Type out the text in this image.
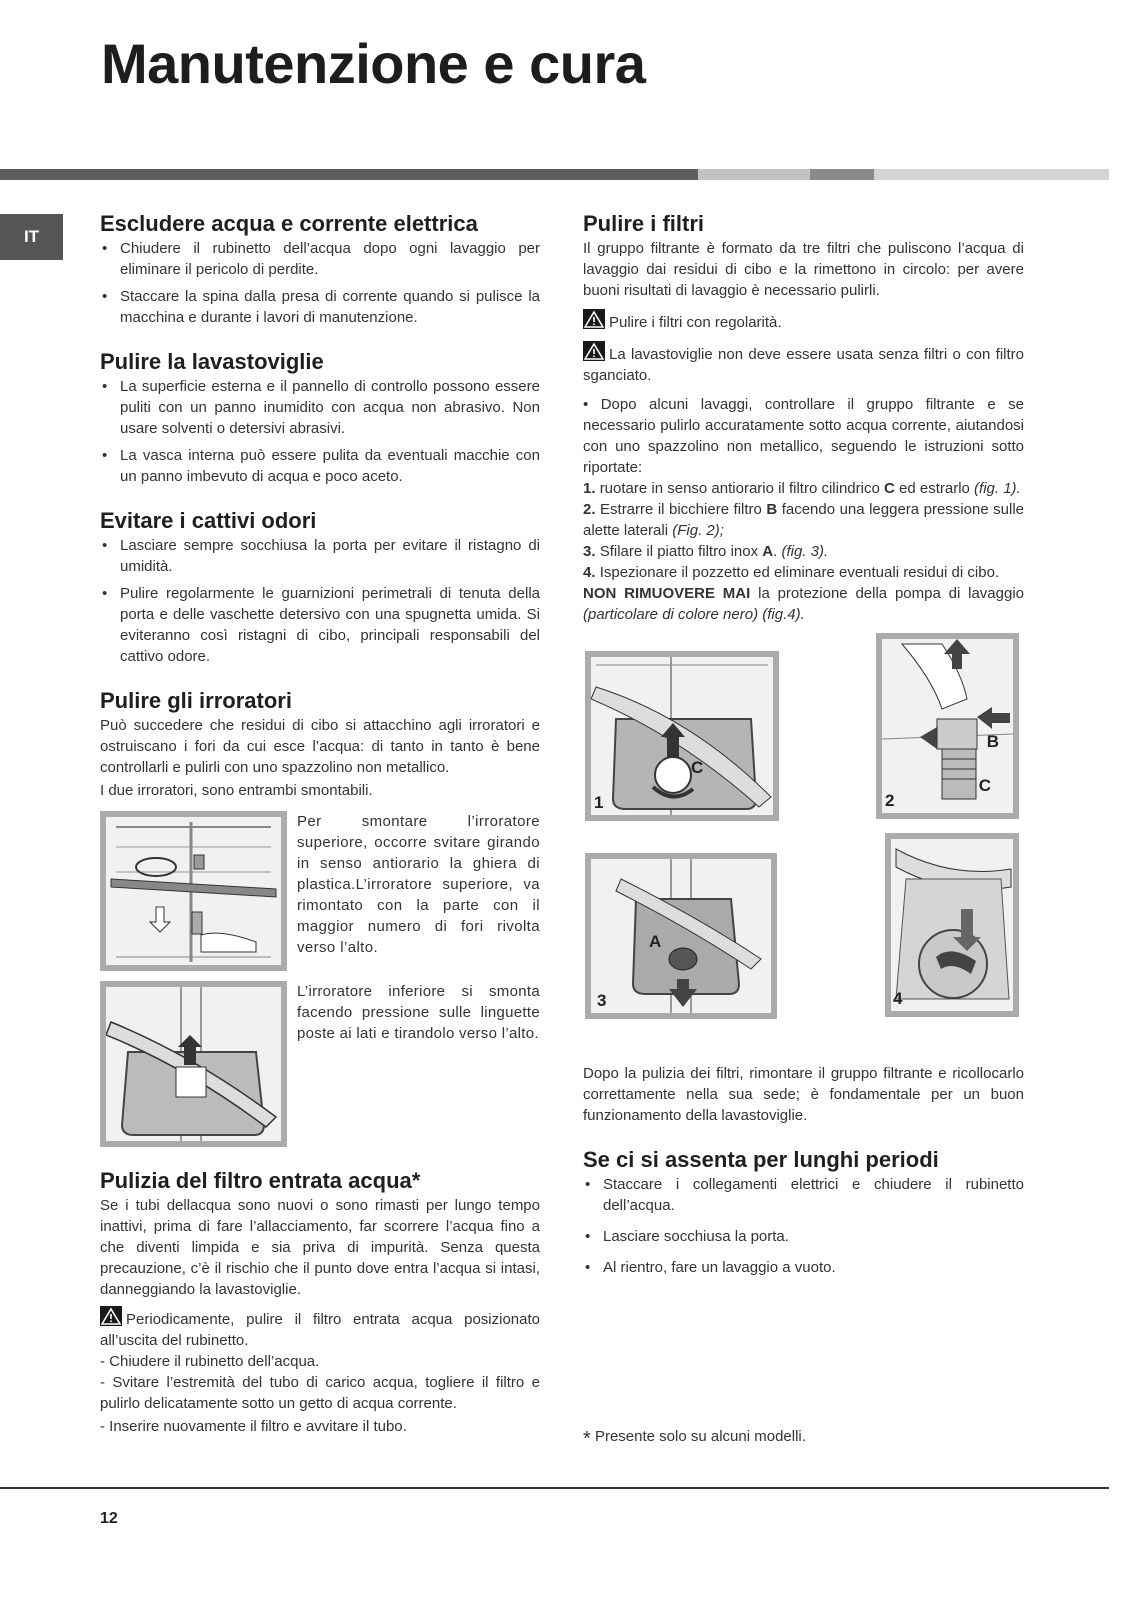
Manutenzione e cura
IT
Escludere acqua e corrente elettrica
• Chiudere il rubinetto dell’acqua dopo ogni lavaggio per eliminare il pericolo di perdite.
• Staccare la spina dalla presa di corrente quando si pulisce la macchina e durante i lavori di manutenzione.
Pulire la lavastoviglie
• La superficie esterna e il pannello di controllo possono essere puliti con un panno inumidito con acqua non abrasivo. Non usare solventi o detersivi abrasivi.
• La vasca interna può essere pulita da eventuali macchie con un panno imbevuto di acqua e poco aceto.
Evitare i cattivi odori
• Lasciare sempre socchiusa la porta per evitare il ristagno di umidità.
• Pulire regolarmente le guarnizioni perimetrali di tenuta della porta e delle vaschette detersivo con una spugnetta umida. Si eviteranno così ristagni di cibo, principali responsabili del cattivo odore.
Pulire gli irroratori

Può succedere che residui di cibo si attacchino agli irroratori e ostruiscano i fori da cui esce l’acqua: di tanto in tanto è bene controllarli e pulirli con uno spazzolino non metallico.

I due irroratori, sono entrambi smontabili.

Per smontare l’irroratore superiore, occorre svitare girando in senso antiorario la ghiera di plastica.L’irroratore superiore, va rimontato con la parte con il maggior numero di fori rivolta verso l’alto.

L’irroratore inferiore si smonta facendo pressione sulle linguette poste ai lati e tirandolo verso l’alto.

Pulizia del filtro entrata acqua*

Se i tubi dellacqua sono nuovi o sono rimasti per lungo tempo inattivi, prima di fare l’allacciamento, far scorrere l’acqua fino a che diventi limpida e sia priva di impurità. Senza questa precauzione, c’è il rischio che il punto dove entra l’acqua si intasi, danneggiando la lavastoviglie.

Periodicamente, pulire il filtro entrata acqua posizionato all’uscita del rubinetto.

- Chiudere il rubinetto dell’acqua.

- Svitare l’estremità del tubo di carico acqua, togliere il filtro e pulirlo delicatamente sotto un getto di acqua corrente.

- Inserire nuovamente il filtro e avvitare il tubo.

Pulire i filtri

Il gruppo filtrante è formato da tre filtri che puliscono l’acqua di lavaggio dai residui di cibo e la rimettono in circolo: per avere buoni risultati di lavaggio è necessario pulirli.

Pulire i filtri con regolarità.

La lavastoviglie non deve essere usata senza filtri o con filtro sganciato.

• Dopo alcuni lavaggi, controllare il gruppo filtrante e se necessario pulirlo accuratamente sotto acqua corrente, aiutandosi con uno spazzolino non metallico, seguendo le istruzioni sotto riportate:

1. ruotare in senso antiorario il filtro cilindrico C ed estrarlo (fig. 1).

2. Estrarre il bicchiere filtro B facendo una leggera pressione sulle alette laterali (Fig. 2);

3. Sfilare il piatto filtro inox A. (fig. 3).

4. Ispezionare il pozzetto ed eliminare eventuali residui di cibo.
NON RIMUOVERE MAI la protezione della pompa di lavaggio (particolare di colore nero) (fig.4).

1
C
2
B
C
3
A
4

Dopo la pulizia dei filtri, rimontare il gruppo filtrante e ricollocarlo correttamente nella sua sede; è fondamentale per un buon funzionamento della lavastoviglie.

Se ci si assenta per lunghi periodi
• Staccare i collegamenti elettrici e chiudere il rubinetto dell’acqua.
• Lasciare socchiusa la porta.
• Al rientro, fare un lavaggio a vuoto.
* Presente solo su alcuni modelli.
12
